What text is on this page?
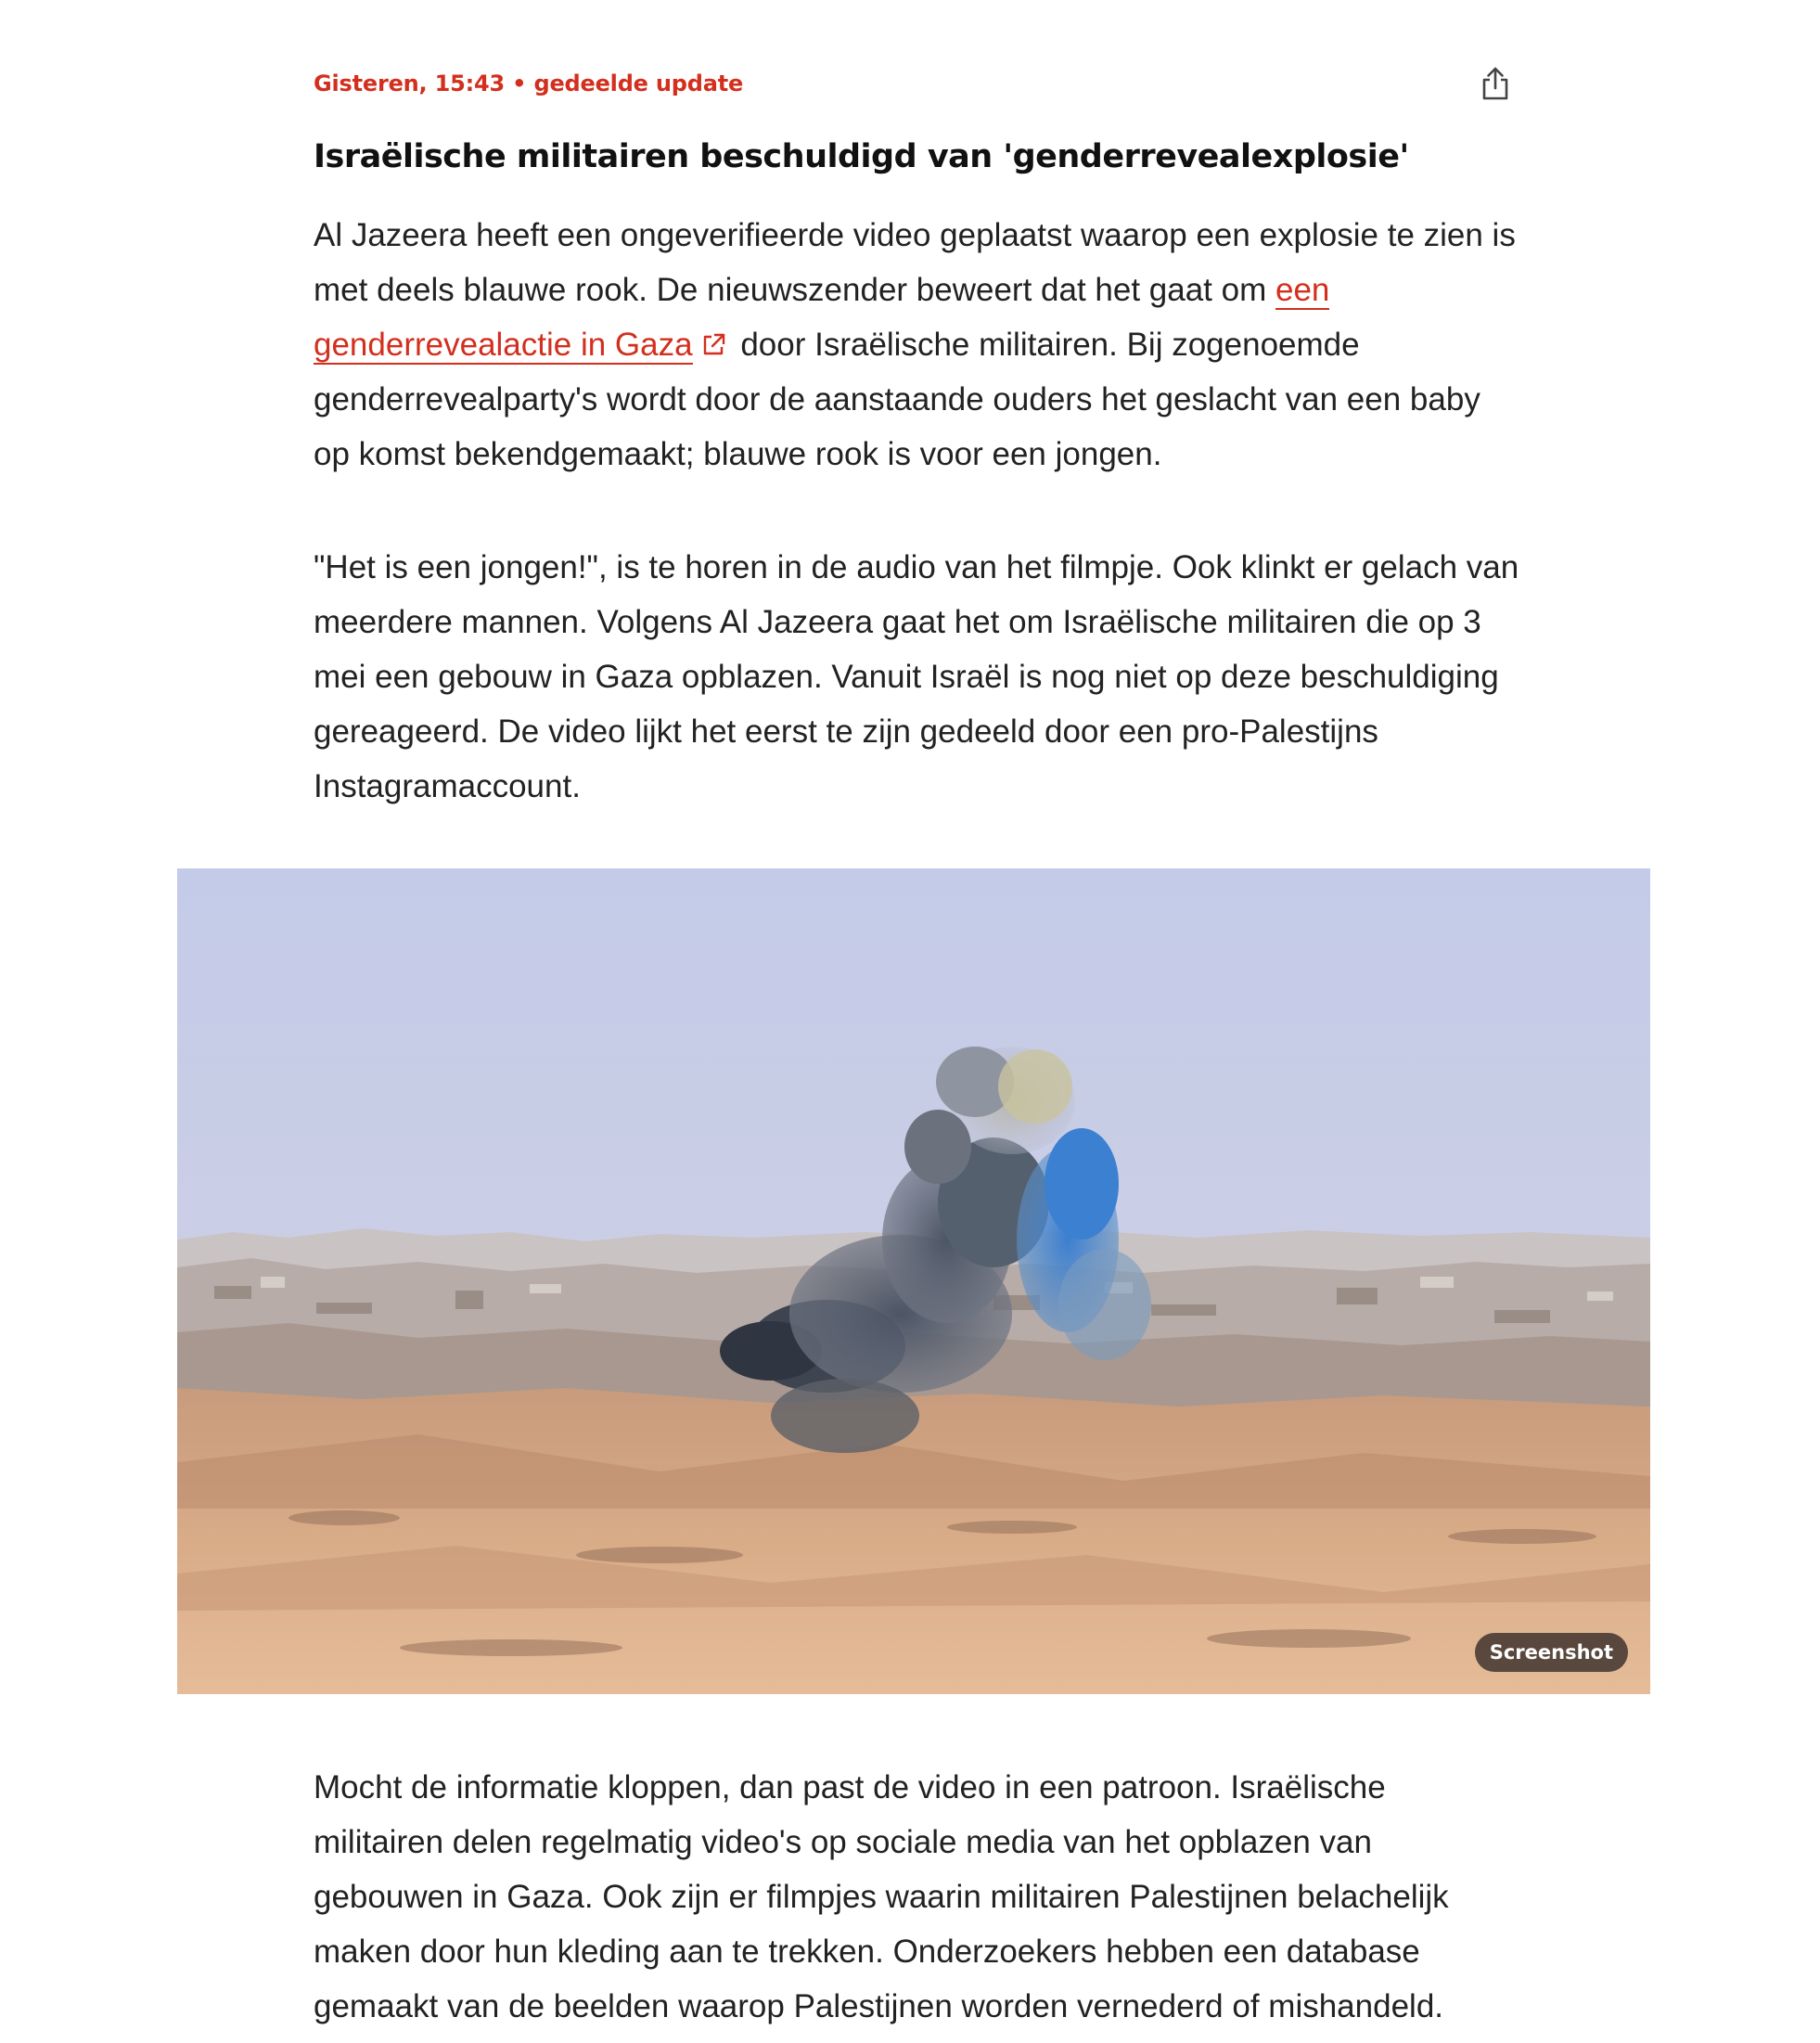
Gisteren, 15:43 • gedeelde update
Israëlische militairen beschuldigd van 'genderrevealexplosie'

Al Jazeera heeft een ongeverifieerde video geplaatst waarop een explosie te zien is met deels blauwe rook. De nieuwszender beweert dat het gaat om een genderrevealactie in Gaza door Israëlische militairen. Bij zogenoemde genderrevealparty's wordt door de aanstaande ouders het geslacht van een baby op komst bekendgemaakt; blauwe rook is voor een jongen.

"Het is een jongen!", is te horen in de audio van het filmpje. Ook klinkt er gelach van meerdere mannen. Volgens Al Jazeera gaat het om Israëlische militairen die op 3 mei een gebouw in Gaza opblazen. Vanuit Israël is nog niet op deze beschuldiging gereageerd. De video lijkt het eerst te zijn gedeeld door een pro-Palestijns Instagramaccount.

Screenshot

Mocht de informatie kloppen, dan past de video in een patroon. Israëlische militairen delen regelmatig video's op sociale media van het opblazen van gebouwen in Gaza. Ook zijn er filmpjes waarin militairen Palestijnen belachelijk maken door hun kleding aan te trekken. Onderzoekers hebben een database gemaakt van de beelden waarop Palestijnen worden vernederd of mishandeld.
